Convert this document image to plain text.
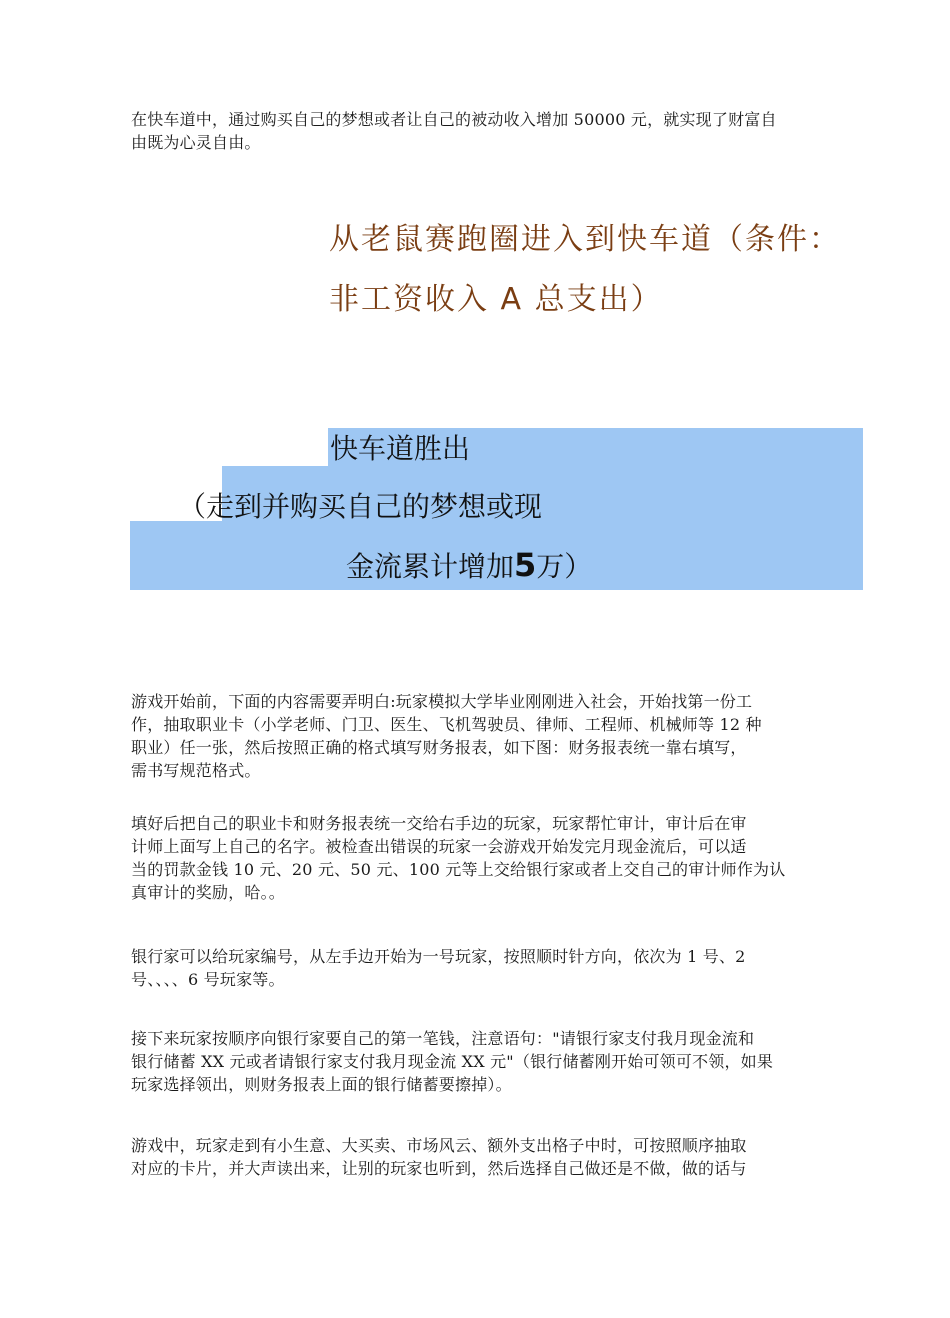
在快车道中，通过购买自己的梦想或者让自己的被动收入增加 50000 元，就实现了财富自
由既为心灵自由。
从老鼠赛跑圈进入到快车道（条件：
非工资收入 A 总支出）
快车道胜出
（走到并购买自己的梦想或现
金流累计增加5万）
游戏开始前，下面的内容需要弄明白:玩家模拟大学毕业刚刚进入社会，开始找第一份工
作，抽取职业卡（小学老师、门卫、医生、飞机驾驶员、律师、工程师、机械师等 12 种
职业）任一张，然后按照正确的格式填写财务报表，如下图：财务报表统一靠右填写，
需书写规范格式。
填好后把自己的职业卡和财务报表统一交给右手边的玩家，玩家帮忙审计，审计后在审
计师上面写上自己的名字。被检查出错误的玩家一会游戏开始发完月现金流后，可以适
当的罚款金钱 10 元、20 元、50 元、100 元等上交给银行家或者上交自己的审计师作为认
真审计的奖励，哈。。
银行家可以给玩家编号，从左手边开始为一号玩家，按照顺时针方向，依次为 1 号、2
号、、、、6 号玩家等。
接下来玩家按顺序向银行家要自己的第一笔钱，注意语句："请银行家支付我月现金流和
银行储蓄 XX 元或者请银行家支付我月现金流 XX 元"（银行储蓄刚开始可领可不领，如果
玩家选择领出，则财务报表上面的银行储蓄要擦掉）。
游戏中，玩家走到有小生意、大买卖、市场风云、额外支出格子中时，可按照顺序抽取
对应的卡片，并大声读出来，让别的玩家也听到，然后选择自己做还是不做，做的话与
